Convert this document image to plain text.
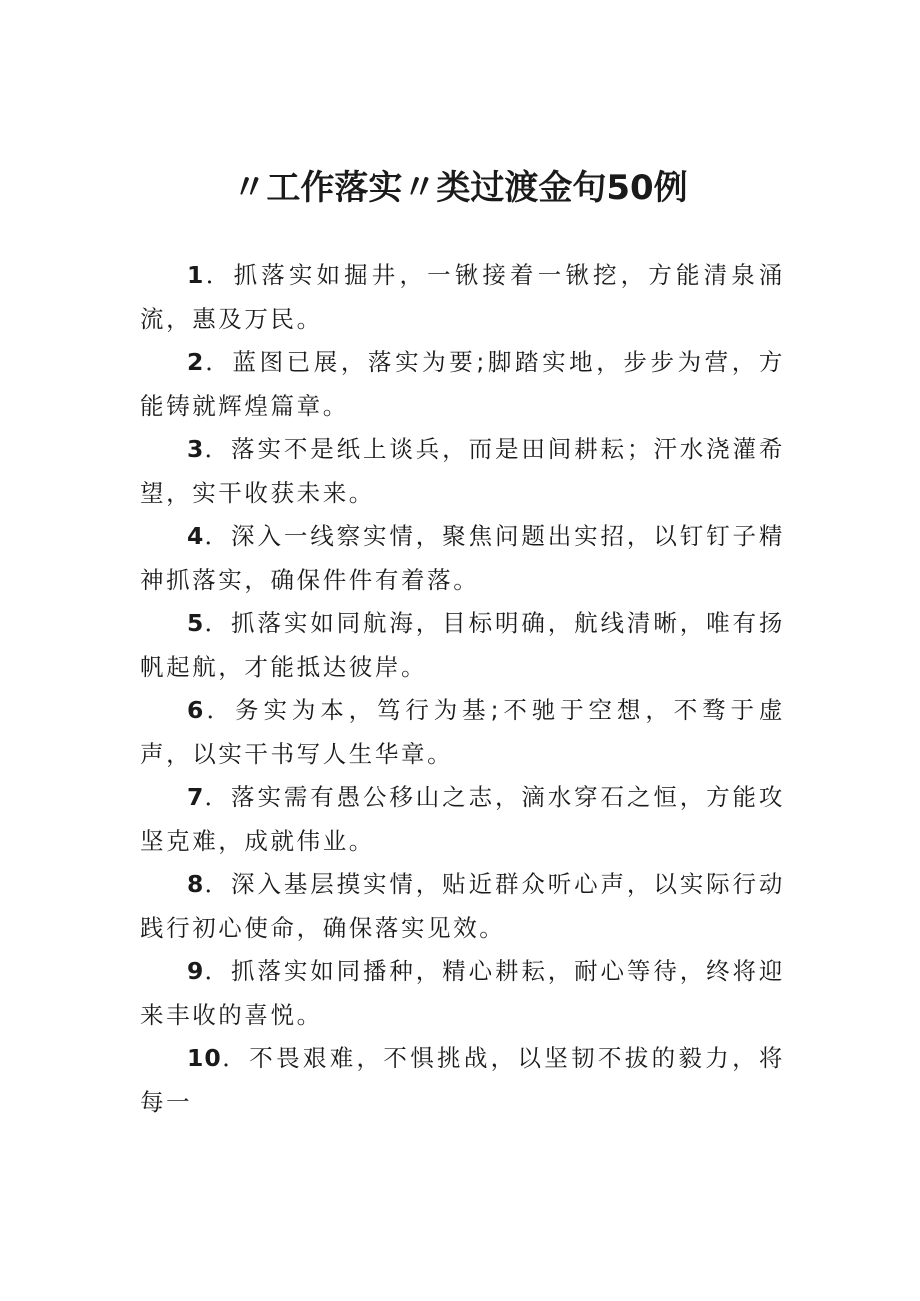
〃工作落实〃类过渡金句50例

1．抓落实如掘井，一锹接着一锹挖，方能清泉涌流，惠及万民。

2．蓝图已展，落实为要;脚踏实地，步步为营，方能铸就辉煌篇章。

3．落实不是纸上谈兵，而是田间耕耘；汗水浇灌希望，实干收获未来。

4．深入一线察实情，聚焦问题出实招，以钉钉子精神抓落实，确保件件有着落。

5．抓落实如同航海，目标明确，航线清晰，唯有扬帆起航，才能抵达彼岸。

6．务实为本，笃行为基;不驰于空想，不骛于虚声，以实干书写人生华章。

7．落实需有愚公移山之志，滴水穿石之恒，方能攻坚克难，成就伟业。

8．深入基层摸实情，贴近群众听心声，以实际行动践行初心使命，确保落实见效。

9．抓落实如同播种，精心耕耘，耐心等待，终将迎来丰收的喜悦。

10．不畏艰难，不惧挑战，以坚韧不拔的毅力，将每一
